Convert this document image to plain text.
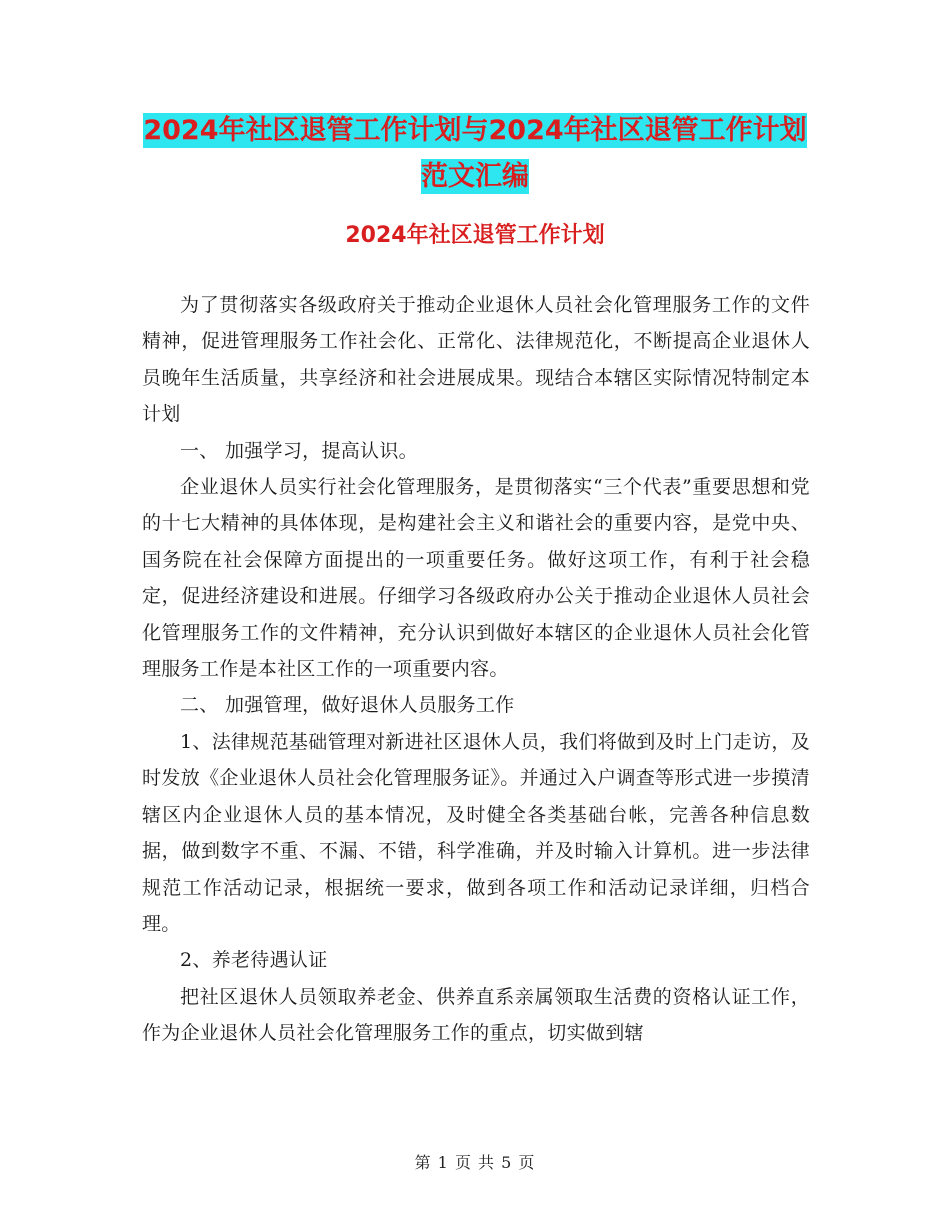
2024年社区退管工作计划与2024年社区退管工作计划
范文汇编
2024年社区退管工作计划

为了贯彻落实各级政府关于推动企业退休人员社会化管理服务工作的文件精神，促进管理服务工作社会化、正常化、法律规范化，不断提高企业退休人员晚年生活质量，共享经济和社会进展成果。现结合本辖区实际情况特制定本计划

一、 加强学习，提高认识。

企业退休人员实行社会化管理服务，是贯彻落实“三个代表”重要思想和党的十七大精神的具体体现，是构建社会主义和谐社会的重要内容，是党中央、国务院在社会保障方面提出的一项重要任务。做好这项工作，有利于社会稳定，促进经济建设和进展。仔细学习各级政府办公关于推动企业退休人员社会化管理服务工作的文件精神，充分认识到做好本辖区的企业退休人员社会化管理服务工作是本社区工作的一项重要内容。

二、 加强管理，做好退休人员服务工作

1、法律规范基础管理对新进社区退休人员，我们将做到及时上门走访，及时发放《企业退休人员社会化管理服务证》。并通过入户调查等形式进一步摸清辖区内企业退休人员的基本情况，及时健全各类基础台帐，完善各种信息数据，做到数字不重、不漏、不错，科学准确，并及时输入计算机。进一步法律规范工作活动记录，根据统一要求，做到各项工作和活动记录详细，归档合理。

2、养老待遇认证

把社区退休人员领取养老金、供养直系亲属领取生活费的资格认证工作，作为企业退休人员社会化管理服务工作的重点，切实做到辖

第 1 页 共 5 页
